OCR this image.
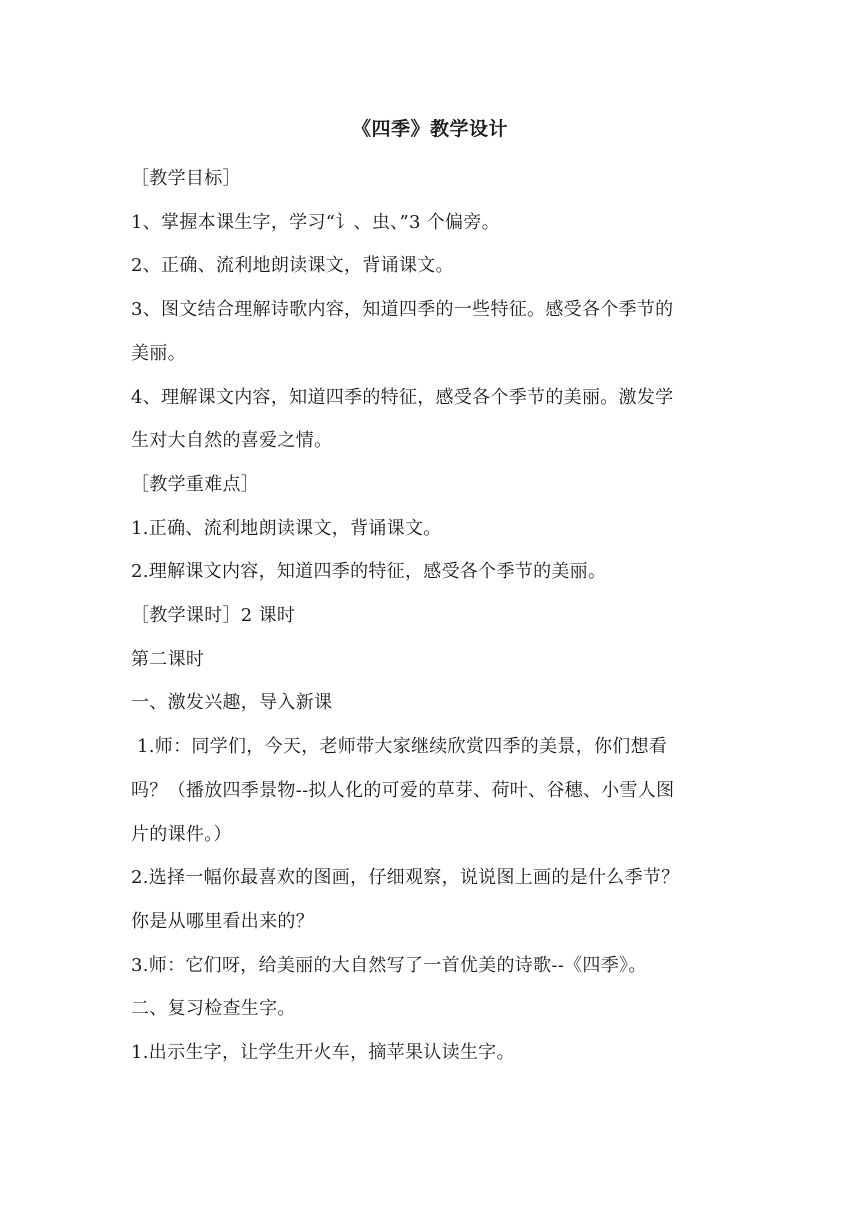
《四季》教学设计

［教学目标］

1、掌握本课生字，学习“讠、虫、”3 个偏旁。

2、正确、流利地朗读课文，背诵课文。

3、图文结合理解诗歌内容，知道四季的一些特征。感受各个季节的

美丽。

4、理解课文内容，知道四季的特征，感受各个季节的美丽。激发学

生对大自然的喜爱之情。

［教学重难点］

1.正确、流利地朗读课文，背诵课文。

2.理解课文内容，知道四季的特征，感受各个季节的美丽。

［教学课时］2 课时

第二课时

一、激发兴趣，导入新课

1.师：同学们，今天，老师带大家继续欣赏四季的美景，你们想看

吗？（播放四季景物--拟人化的可爱的草芽、荷叶、谷穗、小雪人图

片的课件。）

2.选择一幅你最喜欢的图画，仔细观察，说说图上画的是什么季节？

你是从哪里看出来的？

3.师：它们呀，给美丽的大自然写了一首优美的诗歌--《四季》。

二、复习检查生字。

1.出示生字，让学生开火车，摘苹果认读生字。
